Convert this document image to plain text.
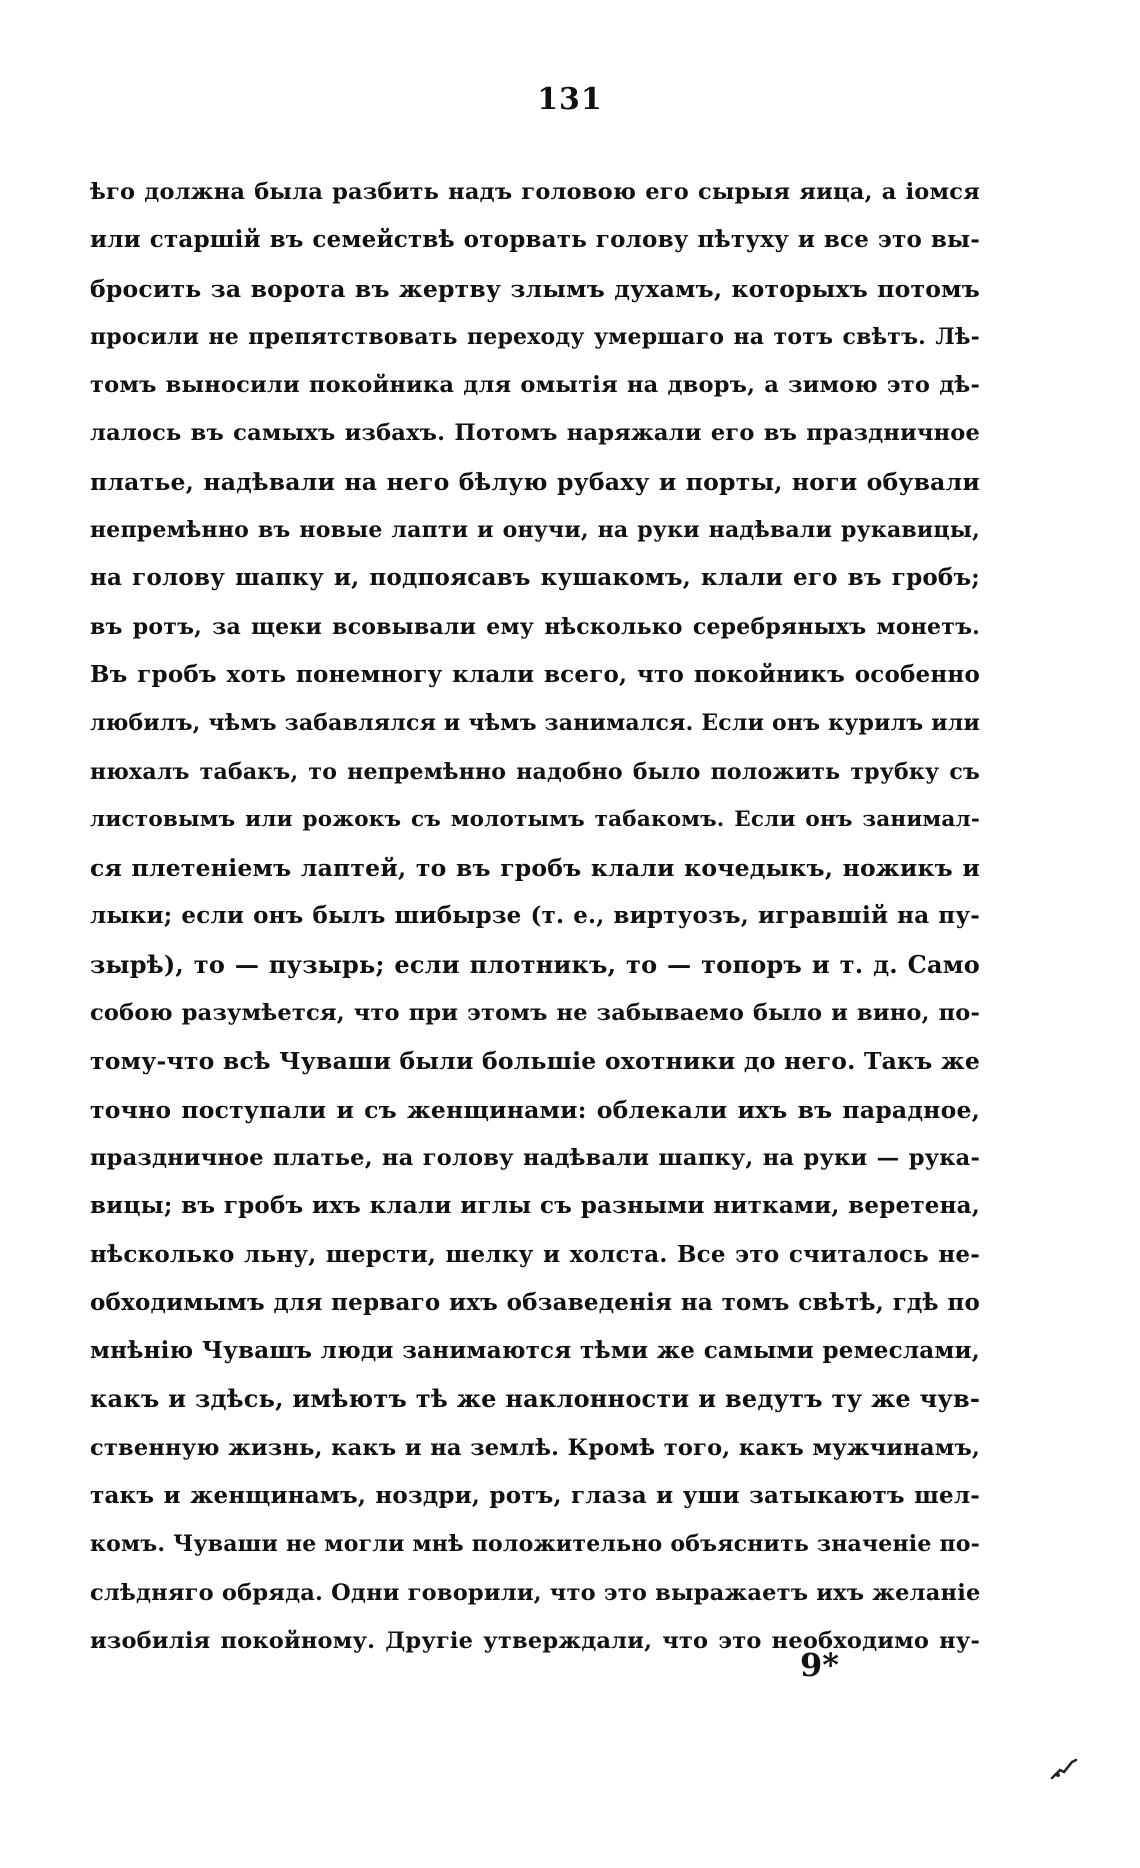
131
ѣго должна была разбить надъ головою его сырыя яица, а іомся
или старшій въ семействѣ оторвать голову пѣтуху и все это вы-
бросить за ворота въ жертву злымъ духамъ, которыхъ потомъ
просили не препятствовать переходу умершаго на тотъ свѣтъ. Лѣ-
томъ выносили покойника для омытія на дворъ, а зимою это дѣ-
лалось въ самыхъ избахъ. Потомъ наряжали его въ праздничное
платье, надѣвали на него бѣлую рубаху и порты, ноги обували
непремѣнно въ новые лапти и онучи, на руки надѣвали рукавицы,
на голову шапку и, подпоясавъ кушакомъ, клали его въ гробъ;
въ ротъ, за щеки всовывали ему нѣсколько серебряныхъ монетъ.
Въ гробъ хоть понемногу клали всего, что покойникъ особенно
любилъ, чѣмъ забавлялся и чѣмъ занимался. Если онъ курилъ или
нюхалъ табакъ, то непремѣнно надобно было положить трубку съ
листовымъ или рожокъ съ молотымъ табакомъ. Если онъ занимал-
ся плетеніемъ лаптей, то въ гробъ клали кочедыкъ, ножикъ и
лыки; если онъ былъ шибырзе (т. е., виртуозъ, игравшій на пу-
зырѣ), то — пузырь; если плотникъ, то — топоръ и т. д. Само
собою разумѣется, что при этомъ не забываемо было и вино, по-
тому-что всѣ Чуваши были большіе охотники до него. Такъ же
точно поступали и съ женщинами: облекали ихъ въ парадное,
праздничное платье, на голову надѣвали шапку, на руки — рука-
вицы; въ гробъ ихъ клали иглы съ разными нитками, веретена,
нѣсколько льну, шерсти, шелку и холста. Все это считалось не-
обходимымъ для перваго ихъ обзаведенія на томъ свѣтѣ, гдѣ по
мнѣнію Чувашъ люди занимаются тѣми же самыми ремеслами,
какъ и здѣсь, имѣютъ тѣ же наклонности и ведутъ ту же чув-
ственную жизнь, какъ и на землѣ. Кромѣ того, какъ мужчинамъ,
такъ и женщинамъ, ноздри, ротъ, глаза и уши затыкаютъ шел-
комъ. Чуваши не могли мнѣ положительно объяснить значеніе по-
слѣдняго обряда. Одни говорили, что это выражаетъ ихъ желаніе
изобилія покойному. Другіе утверждали, что это необходимо ну-
9*
